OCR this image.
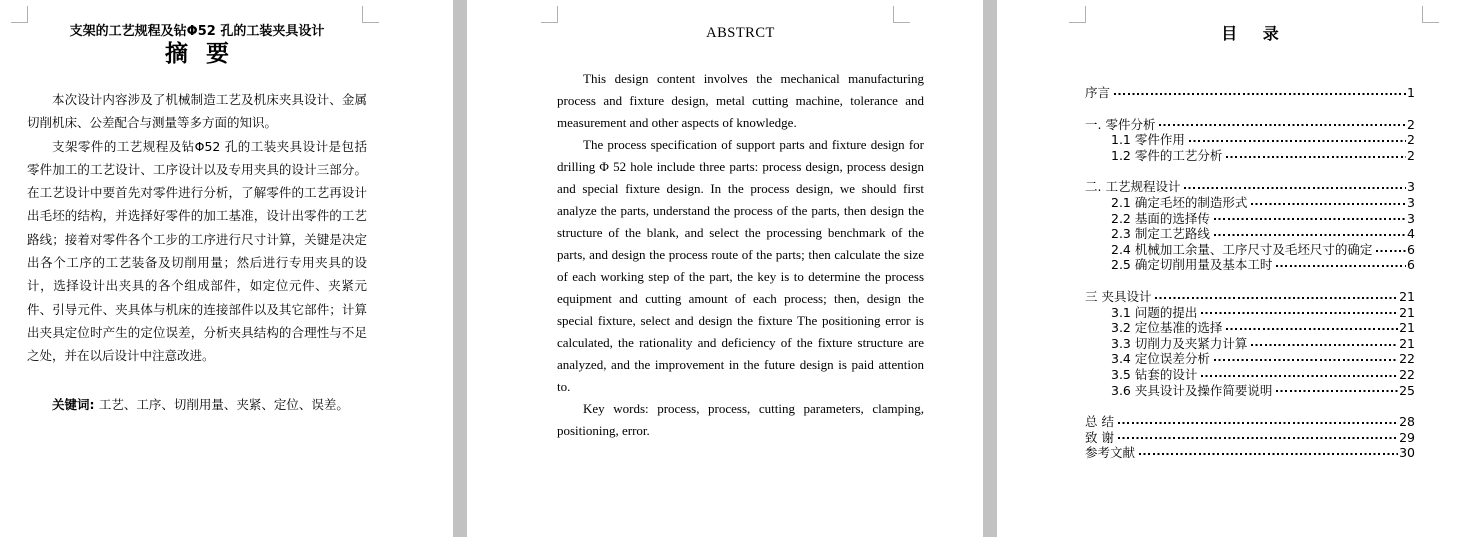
支架的工艺规程及钻Φ52 孔的工装夹具设计
摘 要

本次设计内容涉及了机械制造工艺及机床夹具设计、金属切削机床、公差配合与测量等多方面的知识。

支架零件的工艺规程及钻Φ52 孔的工装夹具设计是包括零件加工的工艺设计、工序设计以及专用夹具的设计三部分。在工艺设计中要首先对零件进行分析，了解零件的工艺再设计出毛坯的结构，并选择好零件的加工基准，设计出零件的工艺路线；接着对零件各个工步的工序进行尺寸计算，关键是决定出各个工序的工艺装备及切削用量；然后进行专用夹具的设计，选择设计出夹具的各个组成部件，如定位元件、夹紧元件、引导元件、夹具体与机床的连接部件以及其它部件；计算出夹具定位时产生的定位误差，分析夹具结构的合理性与不足之处，并在以后设计中注意改进。

关键词: 工艺、工序、切削用量、夹紧、定位、误差。

ABSTRCT

This design content involves the mechanical manufacturing process and fixture design, metal cutting machine, tolerance and measurement and other aspects of knowledge.

The process specification of support parts and fixture design for drilling Φ 52 hole include three parts: process design, process design and special fixture design. In the process design, we should first analyze the parts, understand the process of the parts, then design the structure of the blank, and select the processing benchmark of the parts, and design the process route of the parts; then calculate the size of each working step of the part, the key is to determine the process equipment and cutting amount of each process; then, design the special fixture, select and design the fixture The positioning error is calculated, the rationality and deficiency of the fixture structure are analyzed, and the improvement in the future design is paid attention to.

Key words: process, process, cutting parameters, clamping, positioning, error.

目 录
序言	1
一. 零件分析	2
1.1 零件作用	2
1.2 零件的工艺分析	2
二. 工艺规程设计	3
2.1 确定毛坯的制造形式	3
2.2 基面的选择传	3
2.3 制定工艺路线	4
2.4 机械加工余量、工序尺寸及毛坯尺寸的确定	6
2.5 确定切削用量及基本工时	6
三 夹具设计	21
3.1 问题的提出	21
3.2 定位基准的选择	21
3.3 切削力及夹紧力计算	21
3.4 定位误差分析	22
3.5 钻套的设计	22
3.6 夹具设计及操作简要说明	25
总 结	28
致 谢	29
参考文献	30
